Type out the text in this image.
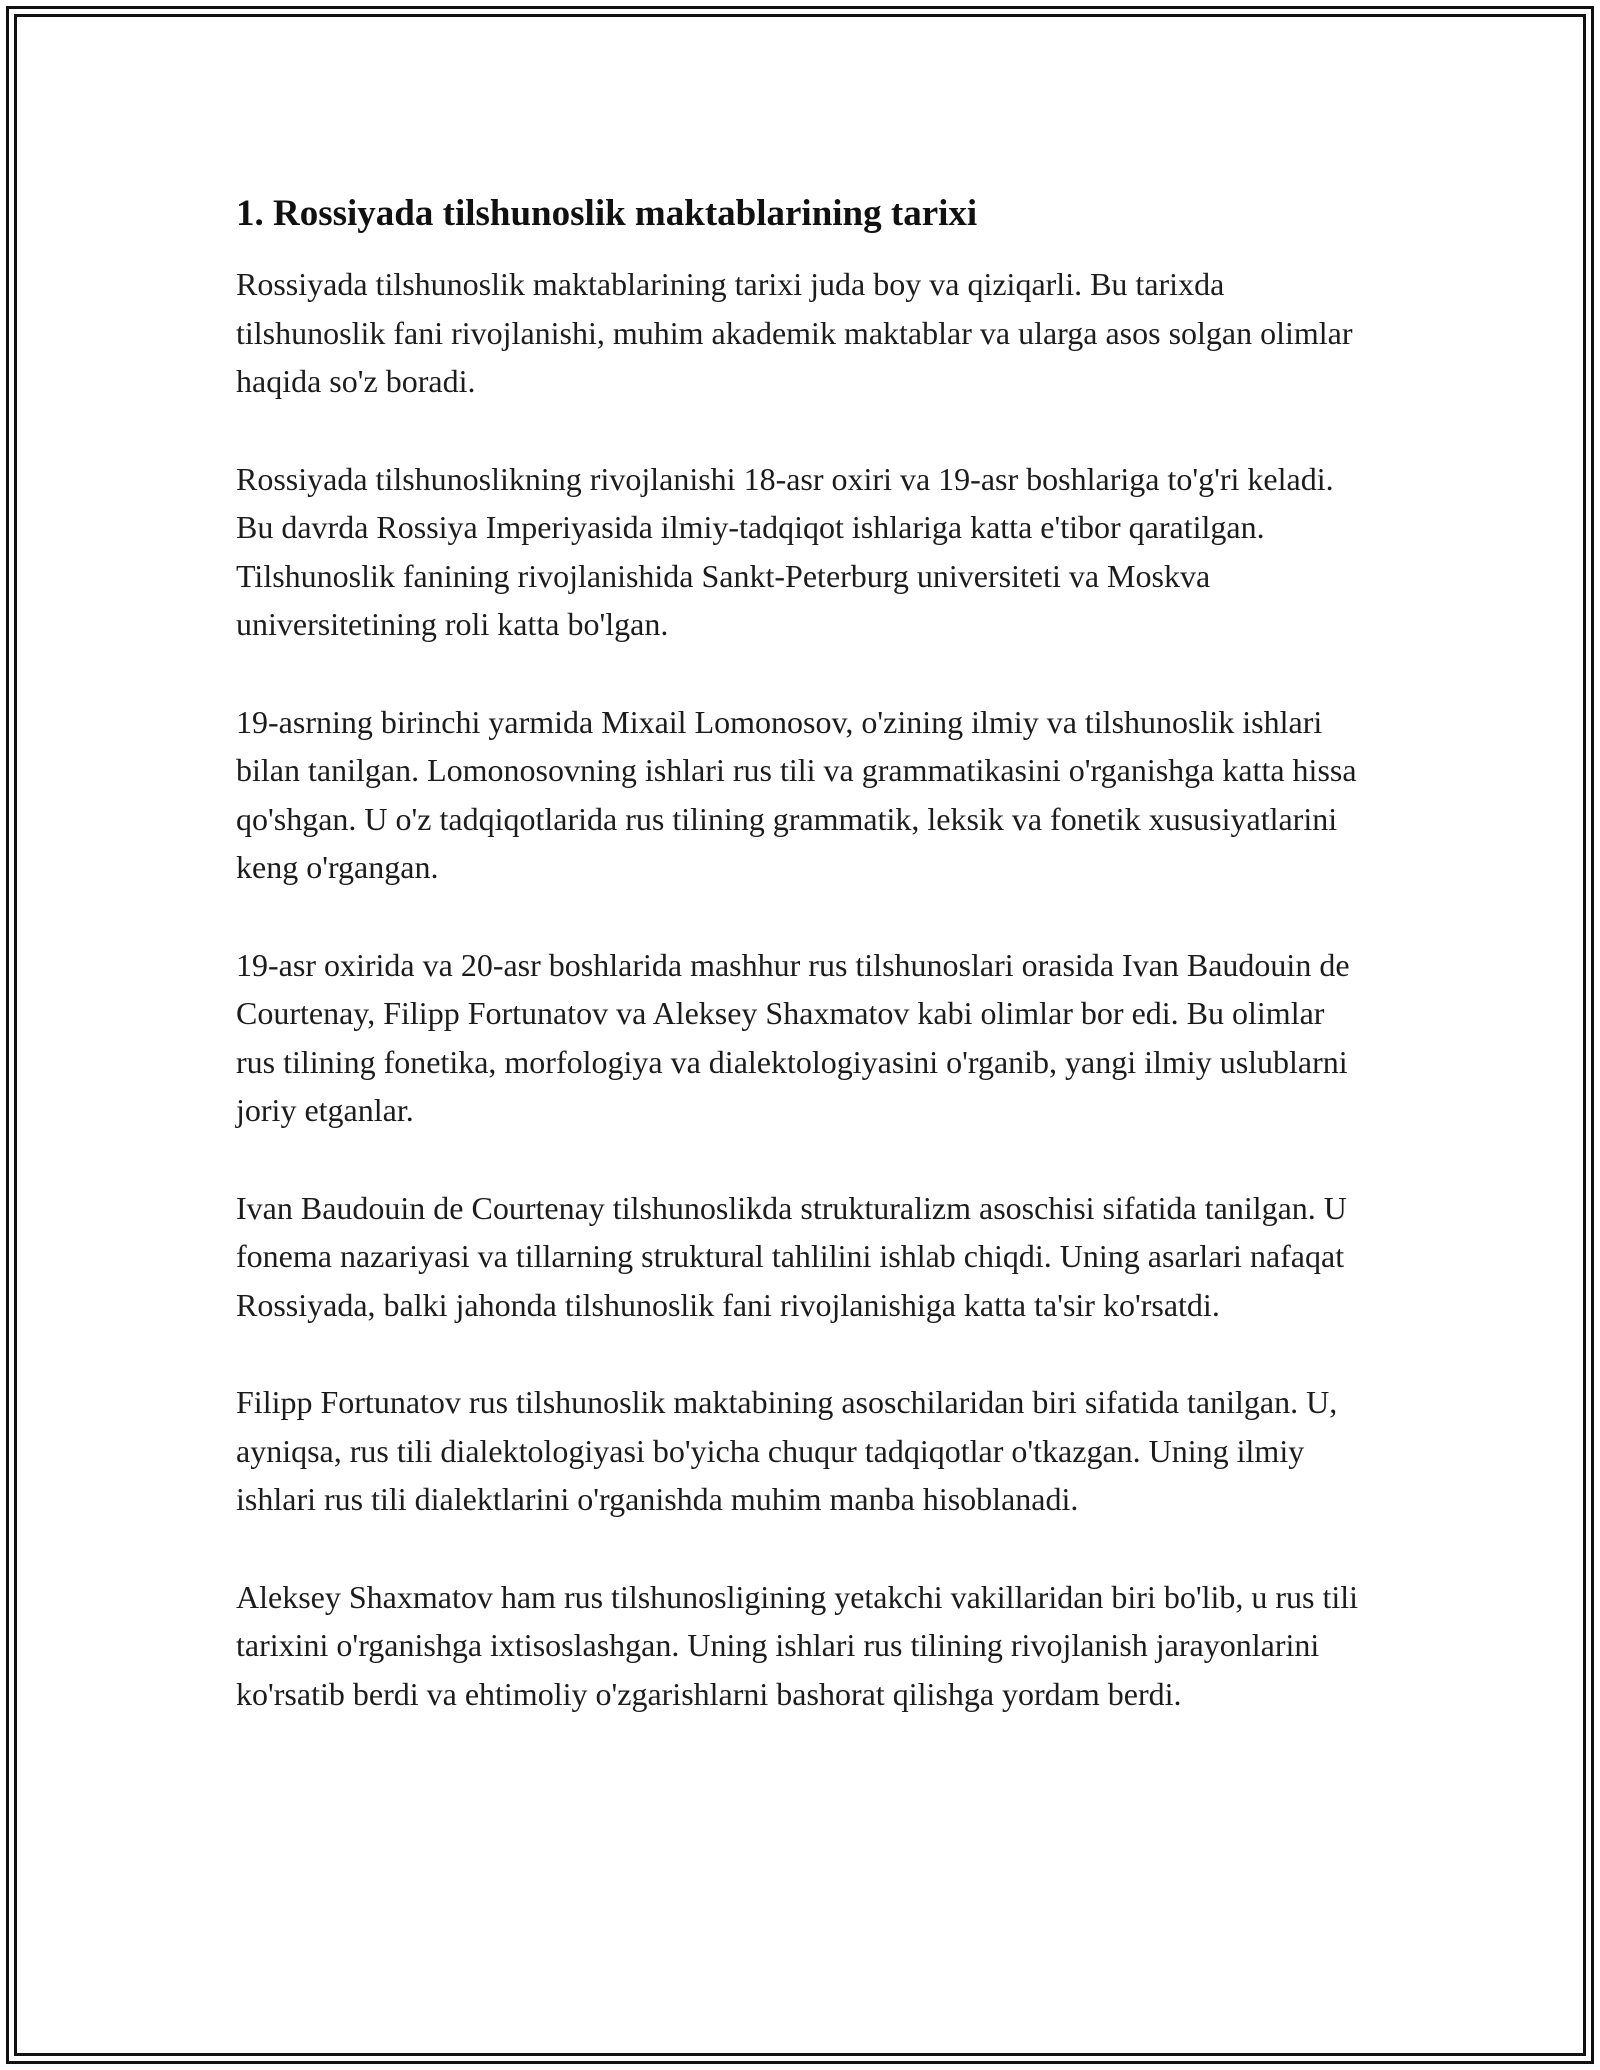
1. Rossiyada tilshunoslik maktablarining tarixi

Rossiyada tilshunoslik maktablarining tarixi juda boy va qiziqarli. Bu tarixda tilshunoslik fani rivojlanishi, muhim akademik maktablar va ularga asos solgan olimlar haqida so'z boradi.

Rossiyada tilshunoslikning rivojlanishi 18-asr oxiri va 19-asr boshlariga to'g'ri keladi. Bu davrda Rossiya Imperiyasida ilmiy-tadqiqot ishlariga katta e'tibor qaratilgan. Tilshunoslik fanining rivojlanishida Sankt-Peterburg universiteti va Moskva universitetining roli katta bo'lgan.

19-asrning birinchi yarmida Mixail Lomonosov, o'zining ilmiy va tilshunoslik ishlari bilan tanilgan. Lomonosovning ishlari rus tili va grammatikasini o'rganishga katta hissa qo'shgan. U o'z tadqiqotlarida rus tilining grammatik, leksik va fonetik xususiyatlarini keng o'rgangan.

19-asr oxirida va 20-asr boshlarida mashhur rus tilshunoslari orasida Ivan Baudouin de Courtenay, Filipp Fortunatov va Aleksey Shaxmatov kabi olimlar bor edi. Bu olimlar rus tilining fonetika, morfologiya va dialektologiyasini o'rganib, yangi ilmiy uslublarni joriy etganlar.

Ivan Baudouin de Courtenay tilshunoslikda strukturalizm asoschisi sifatida tanilgan. U fonema nazariyasi va tillarning struktural tahlilini ishlab chiqdi. Uning asarlari nafaqat Rossiyada, balki jahonda tilshunoslik fani rivojlanishiga katta ta'sir ko'rsatdi.

Filipp Fortunatov rus tilshunoslik maktabining asoschilaridan biri sifatida tanilgan. U, ayniqsa, rus tili dialektologiyasi bo'yicha chuqur tadqiqotlar o'tkazgan. Uning ilmiy ishlari rus tili dialektlarini o'rganishda muhim manba hisoblanadi.

Aleksey Shaxmatov ham rus tilshunosligining yetakchi vakillaridan biri bo'lib, u rus tili tarixini o'rganishga ixtisoslashgan. Uning ishlari rus tilining rivojlanish jarayonlarini ko'rsatib berdi va ehtimoliy o'zgarishlarni bashorat qilishga yordam berdi.
